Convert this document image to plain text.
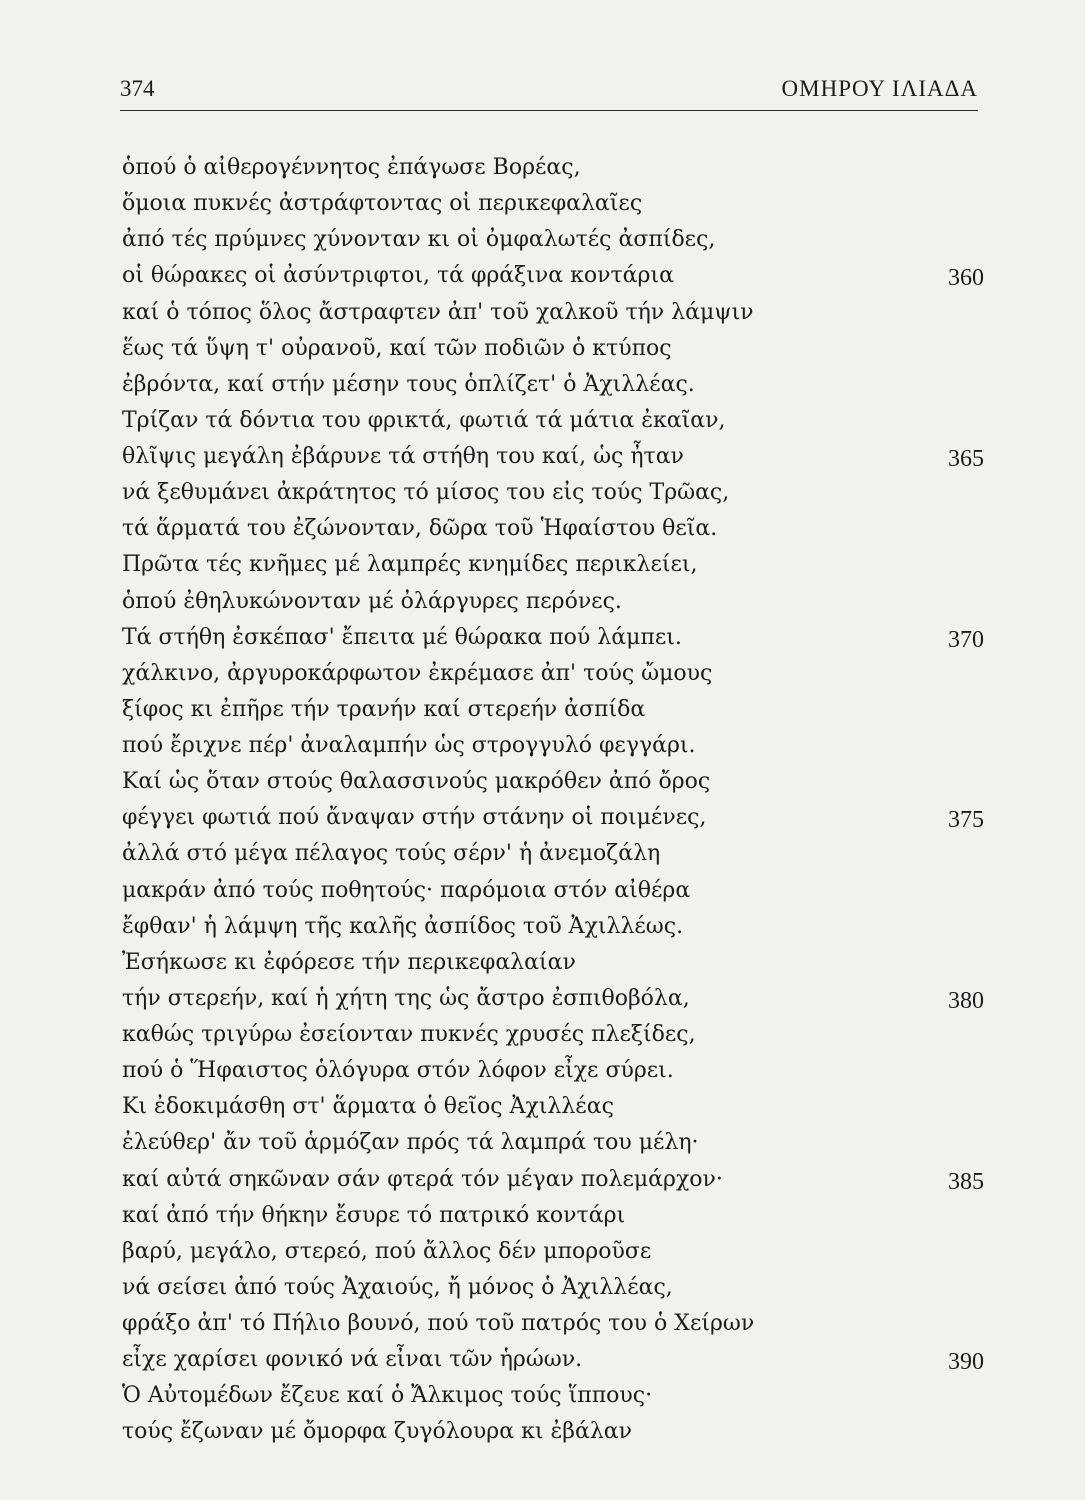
374	ΟΜΗΡΟΥ ΙΛΙΑΔΑ
ὁπού ὁ αἰθερογέννητος ἐπάγωσε Βορέας,
ὅμοια πυκνές ἀστράφτοντας οἱ περικεφαλαῖες
ἀπό τές πρύμνες χύνονταν κι οἱ ὀμφαλωτές ἀσπίδες,
οἱ θώρακες οἱ ἀσύντριφτοι, τά φράξινα κοντάρια	360
καί ὁ τόπος ὅλος ἄστραφτεν ἀπ' τοῦ χαλκοῦ τήν λάμψιν
ἕως τά ὕψη τ' οὐρανοῦ, καί τῶν ποδιῶν ὁ κτύπος
ἐβρόντα, καί στήν μέσην τους ὁπλίζετ' ὁ Ἀχιλλέας.
Τρίζαν τά δόντια του φρικτά, φωτιά τά μάτια ἐκαῖαν,
θλῖψις μεγάλη ἐβάρυνε τά στήθη του καί, ὡς ἦταν	365
νά ξεθυμάνει ἀκράτητος τό μίσος του εἰς τούς Τρῶας,
τά ἅρματά του ἐζώνονταν, δῶρα τοῦ Ἡφαίστου θεῖα.
Πρῶτα τές κνῆμες μέ λαμπρές κνημίδες περικλείει,
ὁπού ἐθηλυκώνονταν μέ ὀλάργυρες περόνες.
Τά στήθη ἐσκέπασ' ἔπειτα μέ θώρακα πού λάμπει.	370
χάλκινο, ἀργυροκάρφωτον ἐκρέμασε ἀπ' τούς ὤμους
ξίφος κι ἐπῆρε τήν τρανήν καί στερεήν ἀσπίδα
πού ἔριχνε πέρ' ἀναλαμπήν ὡς στρογγυλό φεγγάρι.
Καί ὡς ὅταν στούς θαλασσινούς μακρόθεν ἀπό ὄρος
φέγγει φωτιά πού ἄναψαν στήν στάνην οἱ ποιμένες,	375
ἀλλά στό μέγα πέλαγος τούς σέρν' ἡ ἀνεμοζάλη
μακράν ἀπό τούς ποθητούς· παρόμοια στόν αἰθέρα
ἔφθαν' ἡ λάμψη τῆς καλῆς ἀσπίδος τοῦ Ἀχιλλέως.
Ἐσήκωσε κι ἐφόρεσε τήν περικεφαλαίαν
τήν στερεήν, καί ἡ χήτη της ὡς ἄστρο ἐσπιθοβόλα,	380
καθώς τριγύρω ἐσείονταν πυκνές χρυσές πλεξίδες,
πού ὁ Ἥφαιστος ὁλόγυρα στόν λόφον εἶχε σύρει.
Κι ἐδοκιμάσθη στ' ἅρματα ὁ θεῖος Ἀχιλλέας
ἐλεύθερ' ἄν τοῦ ἁρμόζαν πρός τά λαμπρά του μέλη·
καί αὐτά σηκῶναν σάν φτερά τόν μέγαν πολεμάρχον·	385
καί ἀπό τήν θήκην ἔσυρε τό πατρικό κοντάρι
βαρύ, μεγάλο, στερεό, πού ἄλλος δέν μποροῦσε
νά σείσει ἀπό τούς Ἀχαιούς, ἤ μόνος ὁ Ἀχιλλέας,
φράξο ἀπ' τό Πήλιο βουνό, πού τοῦ πατρός του ὁ Χείρων
εἶχε χαρίσει φονικό νά εἶναι τῶν ἡρώων.	390
Ὁ Αὐτομέδων ἔζευε καί ὁ Ἄλκιμος τούς ἵππους·
τούς ἔζωναν μέ ὄμορφα ζυγόλουρα κι ἐβάλαν
